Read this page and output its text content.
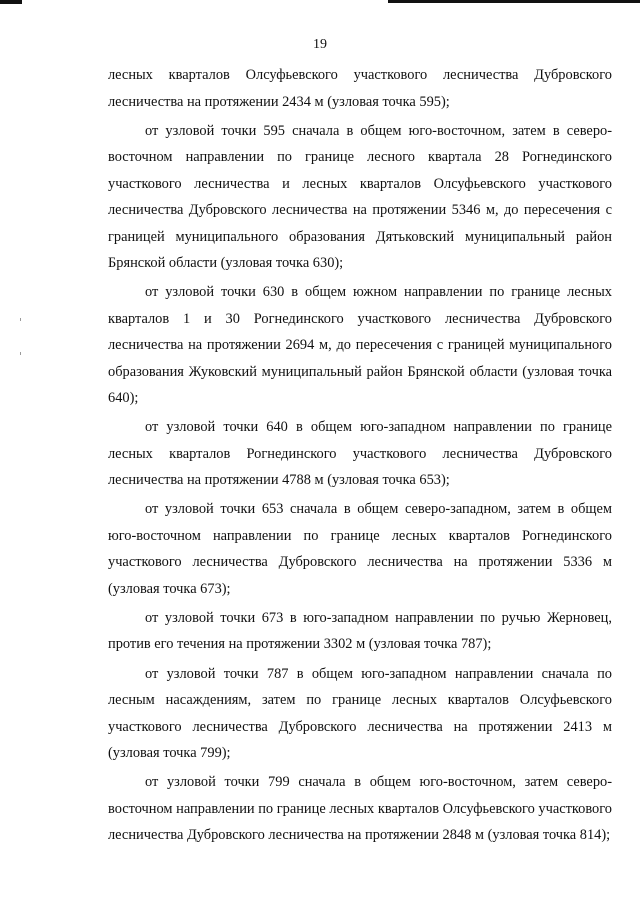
19

лесных кварталов Олсуфьевского участкового лесничества Дубровского лесничества на протяжении 2434 м (узловая точка 595);

от узловой точки 595 сначала в общем юго-восточном, затем в северо-восточном направлении по границе лесного квартала 28 Рогнединского участкового лесничества и лесных кварталов Олсуфьевского участкового лесничества Дубровского лесничества на протяжении 5346 м, до пересечения с границей муниципального образования Дятьковский муниципальный район Брянской области (узловая точка 630);

от узловой точки 630 в общем южном направлении по границе лесных кварталов 1 и 30 Рогнединского участкового лесничества Дубровского лесничества на протяжении 2694 м, до пересечения с границей муниципального образования Жуковский муниципальный район Брянской области (узловая точка 640);

от узловой точки 640 в общем юго-западном направлении по границе лесных кварталов Рогнединского участкового лесничества Дубровского лесничества на протяжении 4788 м (узловая точка 653);

от узловой точки 653 сначала в общем северо-западном, затем в общем юго-восточном направлении по границе лесных кварталов Рогнединского участкового лесничества Дубровского лесничества на протяжении 5336 м (узловая точка 673);

от узловой точки 673 в юго-западном направлении по ручью Жерновец, против его течения на протяжении 3302 м (узловая точка 787);

от узловой точки 787 в общем юго-западном направлении сначала по лесным насаждениям, затем по границе лесных кварталов Олсуфьевского участкового лесничества Дубровского лесничества на протяжении 2413 м (узловая точка 799);

от узловой точки 799 сначала в общем юго-восточном, затем северо-восточном направлении по границе лесных кварталов Олсуфьевского участкового лесничества Дубровского лесничества на протяжении 2848 м (узловая точка 814);
